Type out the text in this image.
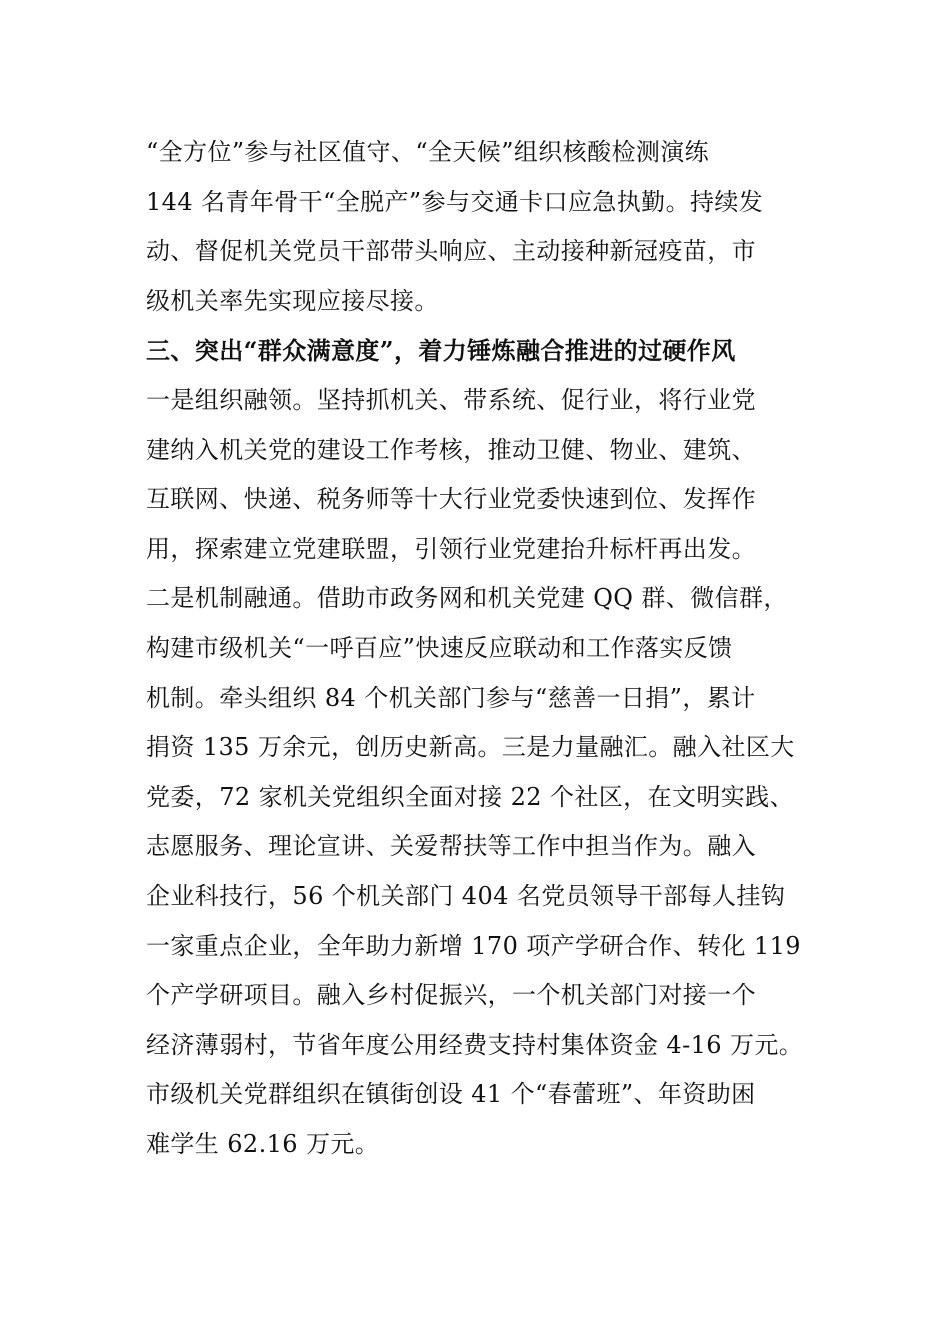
“全方位”参与社区值守、“全天候”组织核酸检测演练
144 名青年骨干“全脱产”参与交通卡口应急执勤。持续发
动、督促机关党员干部带头响应、主动接种新冠疫苗，市
级机关率先实现应接尽接。
三、突出“群众满意度”，着力锤炼融合推进的过硬作风
一是组织融领。坚持抓机关、带系统、促行业，将行业党
建纳入机关党的建设工作考核，推动卫健、物业、建筑、
互联网、快递、税务师等十大行业党委快速到位、发挥作
用，探索建立党建联盟，引领行业党建抬升标杆再出发。
二是机制融通。借助市政务网和机关党建 QQ 群、微信群，
构建市级机关“一呼百应”快速反应联动和工作落实反馈
机制。牵头组织 84 个机关部门参与“慈善一日捐”，累计
捐资 135 万余元，创历史新高。三是力量融汇。融入社区大
党委，72 家机关党组织全面对接 22 个社区，在文明实践、
志愿服务、理论宣讲、关爱帮扶等工作中担当作为。融入
企业科技行，56 个机关部门 404 名党员领导干部每人挂钩
一家重点企业，全年助力新增 170 项产学研合作、转化 119
个产学研项目。融入乡村促振兴，一个机关部门对接一个
经济薄弱村，节省年度公用经费支持村集体资金 4-16 万元。
市级机关党群组织在镇街创设 41 个“春蕾班”、年资助困
难学生 62.16 万元。
